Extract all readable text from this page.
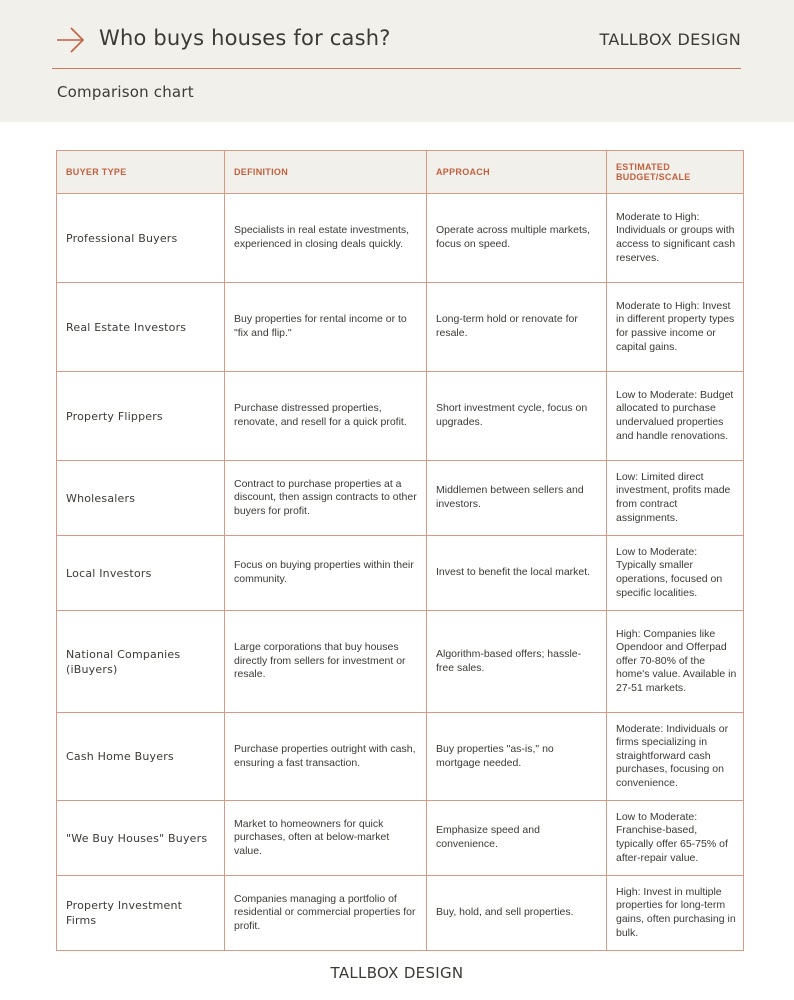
Who buys houses for cash?	TALLBOX DESIGN
Comparison chart
BUYER TYPE	DEFINITION	APPROACH	ESTIMATED BUDGET/SCALE
Professional Buyers	Specialists in real estate investments, experienced in closing deals quickly.	Operate across multiple markets, focus on speed.	Moderate to High: Individuals or groups with access to significant cash reserves.
Real Estate Investors	Buy properties for rental income or to "fix and flip."	Long-term hold or renovate for resale.	Moderate to High: Invest in different property types for passive income or capital gains.
Property Flippers	Purchase distressed properties, renovate, and resell for a quick profit.	Short investment cycle, focus on upgrades.	Low to Moderate: Budget allocated to purchase undervalued properties and handle renovations.
Wholesalers	Contract to purchase properties at a discount, then assign contracts to other buyers for profit.	Middlemen between sellers and investors.	Low: Limited direct investment, profits made from contract assignments.
Local Investors	Focus on buying properties within their community.	Invest to benefit the local market.	Low to Moderate: Typically smaller operations, focused on specific localities.
National Companies (iBuyers)	Large corporations that buy houses directly from sellers for investment or resale.	Algorithm-based offers; hassle-free sales.	High: Companies like Opendoor and Offerpad offer 70-80% of the home's value. Available in 27-51 markets.
Cash Home Buyers	Purchase properties outright with cash, ensuring a fast transaction.	Buy properties "as-is," no mortgage needed.	Moderate: Individuals or firms specializing in straightforward cash purchases, focusing on convenience.
"We Buy Houses" Buyers	Market to homeowners for quick purchases, often at below-market value.	Emphasize speed and convenience.	Low to Moderate: Franchise-based, typically offer 65-75% of after-repair value.
Property Investment Firms	Companies managing a portfolio of residential or commercial properties for profit.	Buy, hold, and sell properties.	High: Invest in multiple properties for long-term gains, often purchasing in bulk.
TALLBOX DESIGN
